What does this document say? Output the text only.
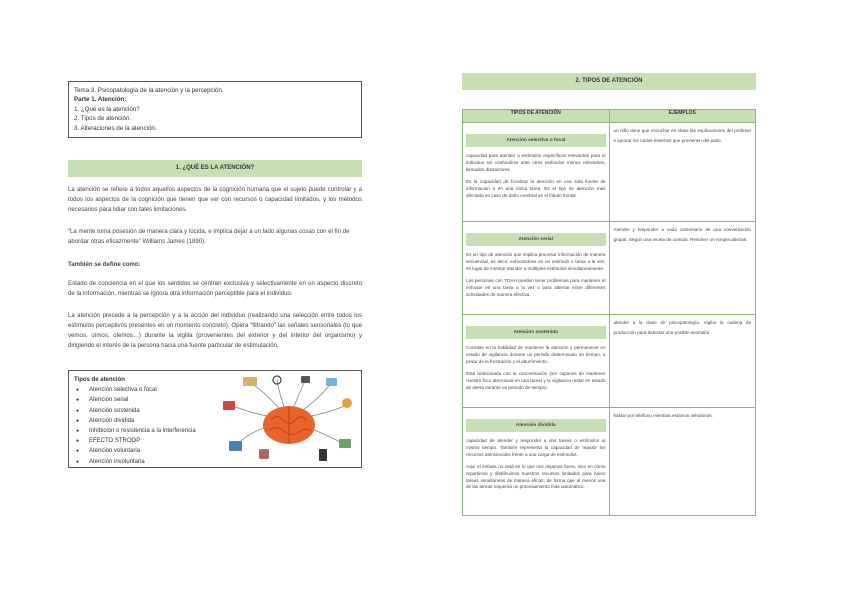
Tema 3. Psicopatología de la atención y la percepción.
Parte 1. Atención:
1. ¿Qué es la atención?
2. Tipos de atención.
3. Alteraciones de la atención.
1. ¿QUÉ ES LA ATENCIÓN?
La atención se refiere a todos aquellos aspectos de la cognición humana que el sujeto puede controlar y a todos los aspectos de la cognición que tienen que ver con recursos o capacidad limitados, y los métodos necesarios para lidiar con tales limitaciones.
“La mente toma posesión de manera clara y lúcida, e implica dejar a un lado algunas cosas con el fin de abordar otras eficazmente” Williams James (1890).
También se define como:
Estado de conciencia en el que los sentidos se centran exclusiva y selectivamente en un aspecto discreto de la información, mientras se ignora otra información perceptible para el individuo.
La atención precede a la percepción y a la acción del individuo (realizando una selección entre todos los estímulos perceptivos presentes en un momento concreto). Opera “filtrando” las señales sensoriales (lo que vemos, oímos, olemos…) durante la vigilia (provenientes del exterior y del interior del organismo) y dirigiendo el interés de la persona hacia una fuente particular de estimulación.
Tipos de atención
● Atención selectiva o focal
● Atención serial
● Atención sostenida
● Atención dividida
● Inhibición o resistencia a la interferencia
● EFECTO STROOP
● Atención voluntaria
● Atención involuntaria
2. TIPOS DE ATENCIÓN
TIPOS DE ATENCIÓN	EJEMPLOS

Atención selectiva o focal

capacidad para atender a estímulos específicos relevantes para el individuo sin confundirse ante otros estímulos menos relevantes, llamados distractores.

Es la capacidad de focalizar la atención en una sola fuente de información o en una única tarea. Es el tipo de atención más afectada en caso de daño cerebral en el lóbulo frontal.	un niño tiene que escuchar en clase las explicaciones del profesor e ignorar los ruidos externos que provienen del patio.

Atención serial

Es un tipo de atención que implica procesar información de manera secuencial, es decir, enfocándose en un estímulo o tarea a la vez, en lugar de intentar atender a múltiples estímulos simultáneamente.

Las personas con TDAH pueden tener problemas para mantener el enfoque en una tarea a la vez o para alternar entre diferentes actividades de manera efectiva.	Atender y responder a cada comentario de una conversación grupal. Seguir una receta de comida. Resolver un rompecabezas.

Atención sostenida

Consiste en la habilidad de mantener la atención y permanecer en estado de vigilancia durante un periodo determinado de tiempo, a pesar de la frustración y el aburrimiento.

Está relacionada con la concentración (ser capaces de mantener nuestro foco atencional en una tarea) y la vigilancia (estar en estado de alerta durante un periodo de tiempo).	atender a la clase de psicopatología. Vigilar la cadena de producción para detectar una posible anomalía

Atención dividida

capacidad de atender y responder a dos tareas o estímulos al mismo tiempo. También representa la capacidad de repartir los recursos atencionales frente a una carga de estímulos.

Aquí el énfasis no está en lo que nos dejamos fuera, sino en cómo repartimos y distribuimos nuestros recursos limitados para hacer tareas simultáneas de manera eficaz, de forma que al menos una de las tareas requerirá un procesamiento más automático.	hablar por teléfono mientras estamos viéndonos.
